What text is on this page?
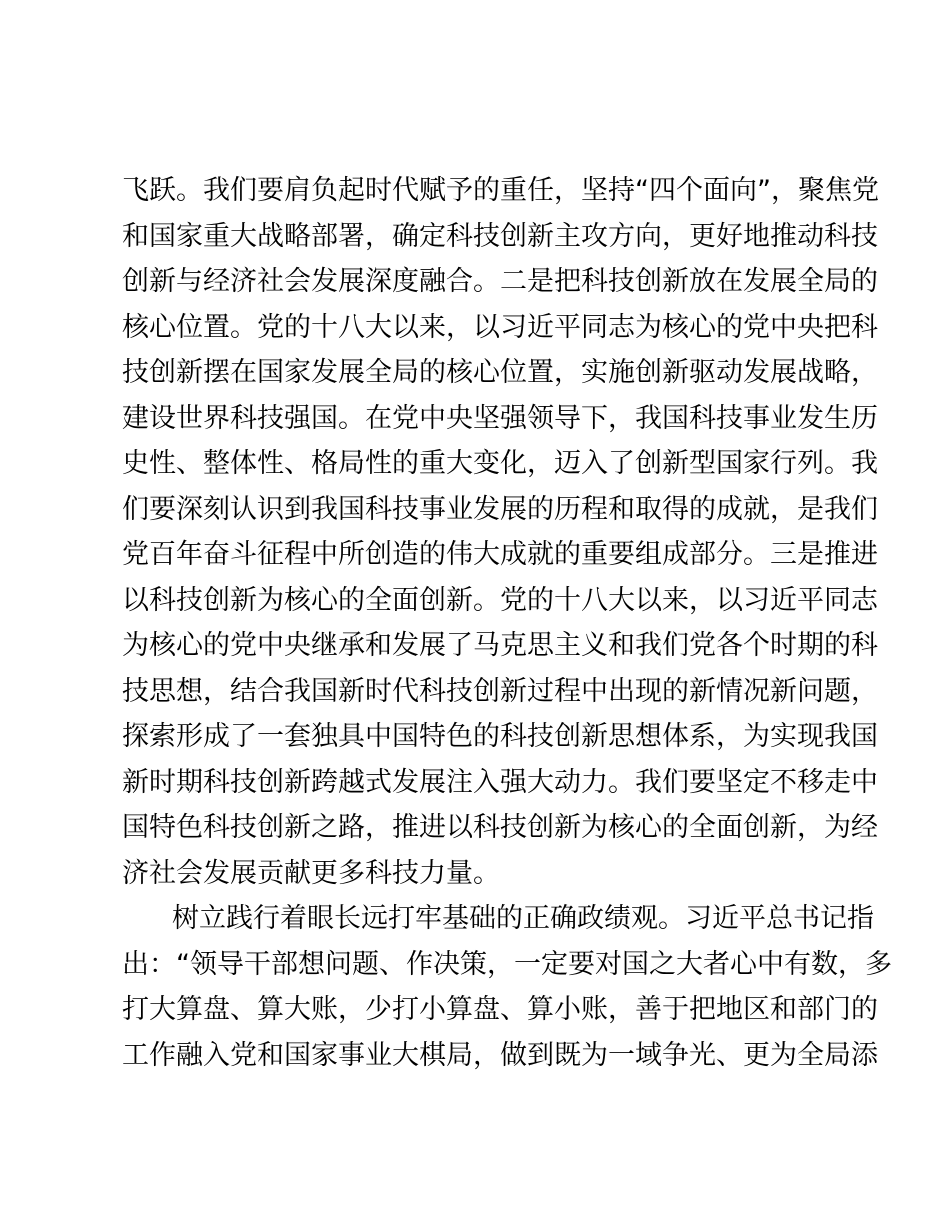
飞跃。我们要肩负起时代赋予的重任，坚持“四个面向”，聚焦党
和国家重大战略部署，确定科技创新主攻方向，更好地推动科技
创新与经济社会发展深度融合。二是把科技创新放在发展全局的
核心位置。党的十八大以来，以习近平同志为核心的党中央把科
技创新摆在国家发展全局的核心位置，实施创新驱动发展战略，
建设世界科技强国。在党中央坚强领导下，我国科技事业发生历
史性、整体性、格局性的重大变化，迈入了创新型国家行列。我
们要深刻认识到我国科技事业发展的历程和取得的成就，是我们
党百年奋斗征程中所创造的伟大成就的重要组成部分。三是推进
以科技创新为核心的全面创新。党的十八大以来，以习近平同志
为核心的党中央继承和发展了马克思主义和我们党各个时期的科
技思想，结合我国新时代科技创新过程中出现的新情况新问题，
探索形成了一套独具中国特色的科技创新思想体系，为实现我国
新时期科技创新跨越式发展注入强大动力。我们要坚定不移走中
国特色科技创新之路，推进以科技创新为核心的全面创新，为经
济社会发展贡献更多科技力量。
树立践行着眼长远打牢基础的正确政绩观。习近平总书记指
出：“领导干部想问题、作决策，一定要对国之大者心中有数，多
打大算盘、算大账，少打小算盘、算小账，善于把地区和部门的
工作融入党和国家事业大棋局，做到既为一域争光、更为全局添
